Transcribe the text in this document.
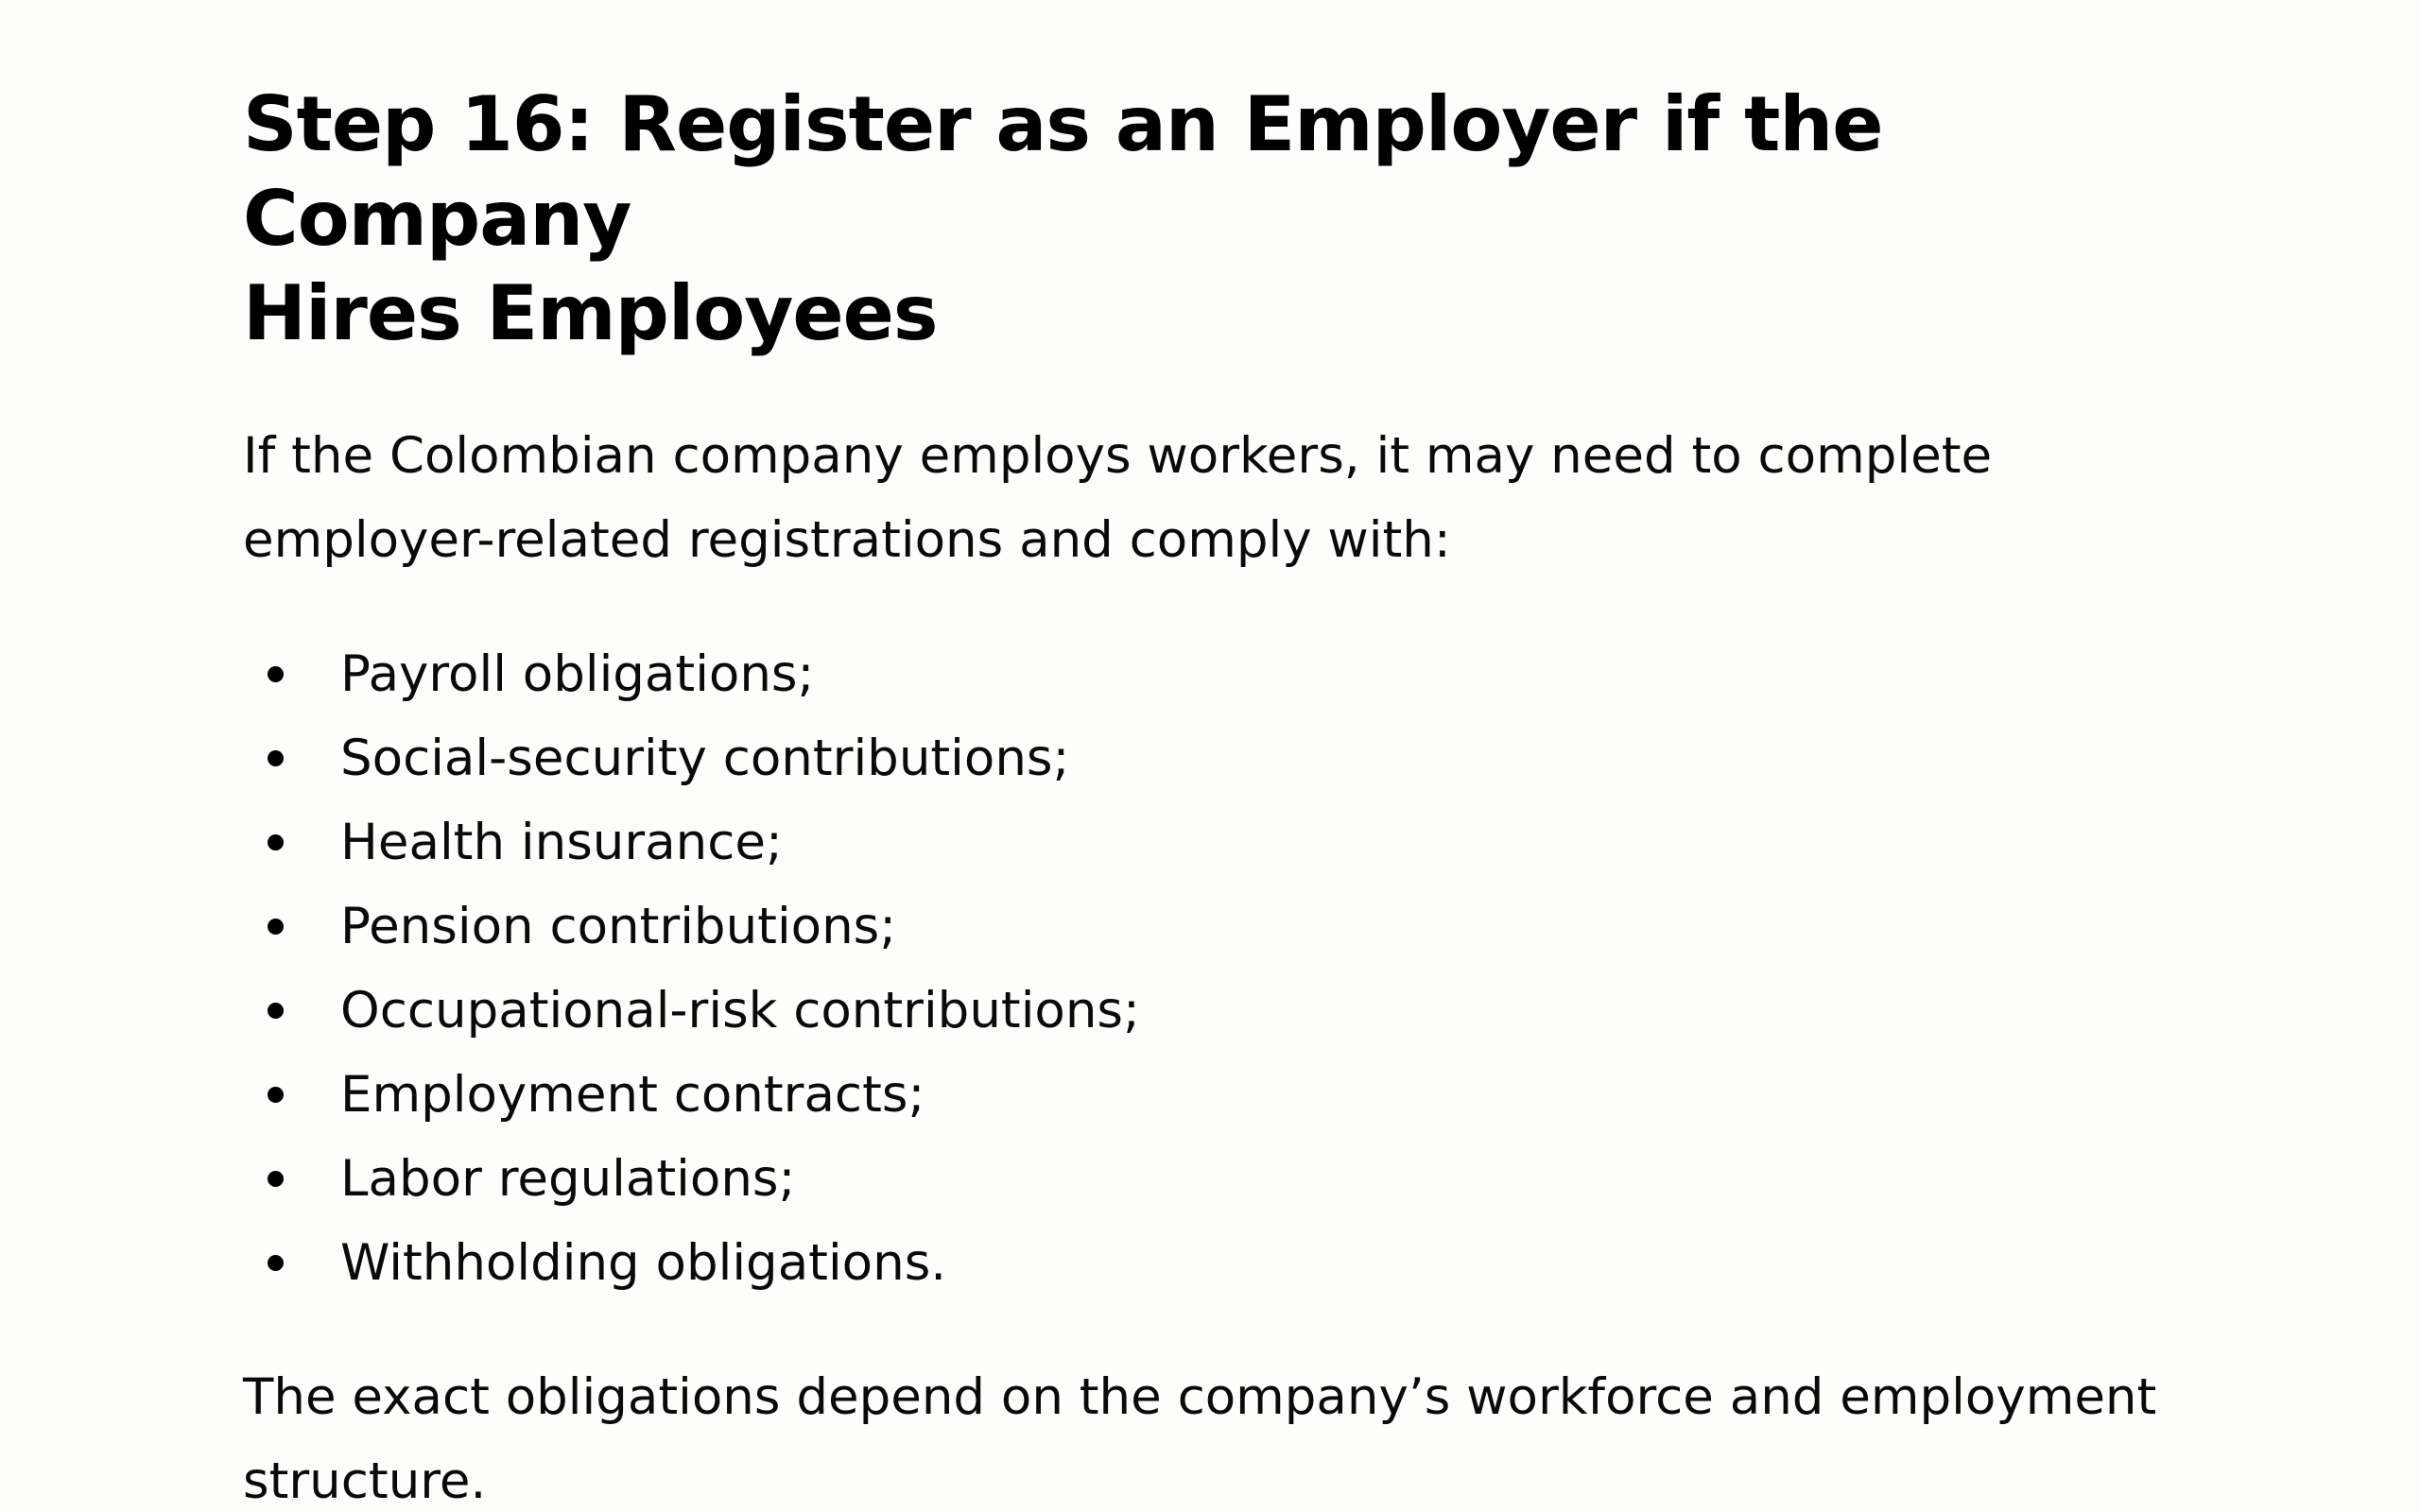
Step 16: Register as an Employer if the Company
Hires Employees

If the Colombian company employs workers, it may need to complete
employer-related registrations and comply with:

Payroll obligations;
Social-security contributions;
Health insurance;
Pension contributions;
Occupational-risk contributions;
Employment contracts;
Labor regulations;
Withholding obligations.

The exact obligations depend on the company’s workforce and employment
structure.
